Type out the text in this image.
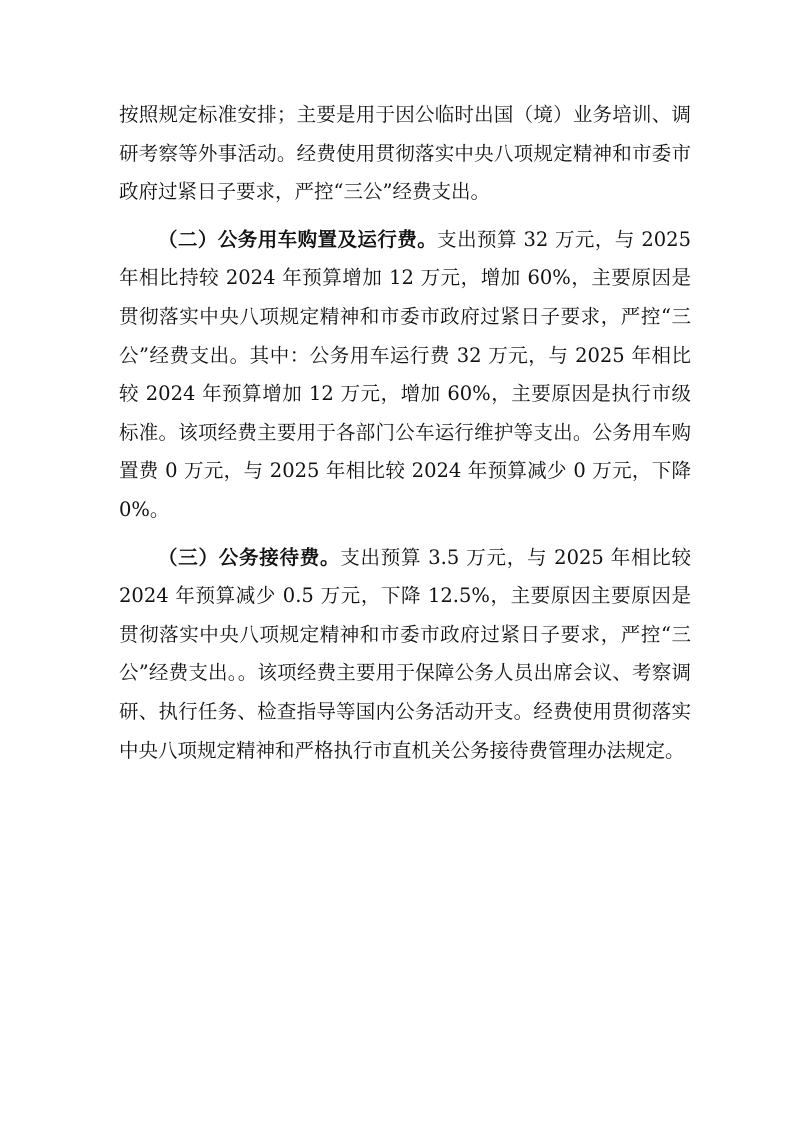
按照规定标准安排；主要是用于因公临时出国（境）业务培训、调研考察等外事活动。经费使用贯彻落实中央八项规定精神和市委市政府过紧日子要求，严控“三公”经费支出。

（二）公务用车购置及运行费。支出预算 32 万元，与 2025 年相比持较 2024 年预算增加 12 万元，增加 60%，主要原因是贯彻落实中央八项规定精神和市委市政府过紧日子要求，严控“三公”经费支出。其中：公务用车运行费 32 万元，与 2025 年相比较 2024 年预算增加 12 万元，增加 60%，主要原因是执行市级标准。该项经费主要用于各部门公车运行维护等支出。公务用车购置费 0 万元，与 2025 年相比较 2024 年预算减少 0 万元，下降 0%。

（三）公务接待费。支出预算 3.5 万元，与 2025 年相比较 2024 年预算减少 0.5 万元，下降 12.5%，主要原因主要原因是贯彻落实中央八项规定精神和市委市政府过紧日子要求，严控“三公”经费支出。。该项经费主要用于保障公务人员出席会议、考察调研、执行任务、检查指导等国内公务活动开支。经费使用贯彻落实中央八项规定精神和严格执行市直机关公务接待费管理办法规定。
